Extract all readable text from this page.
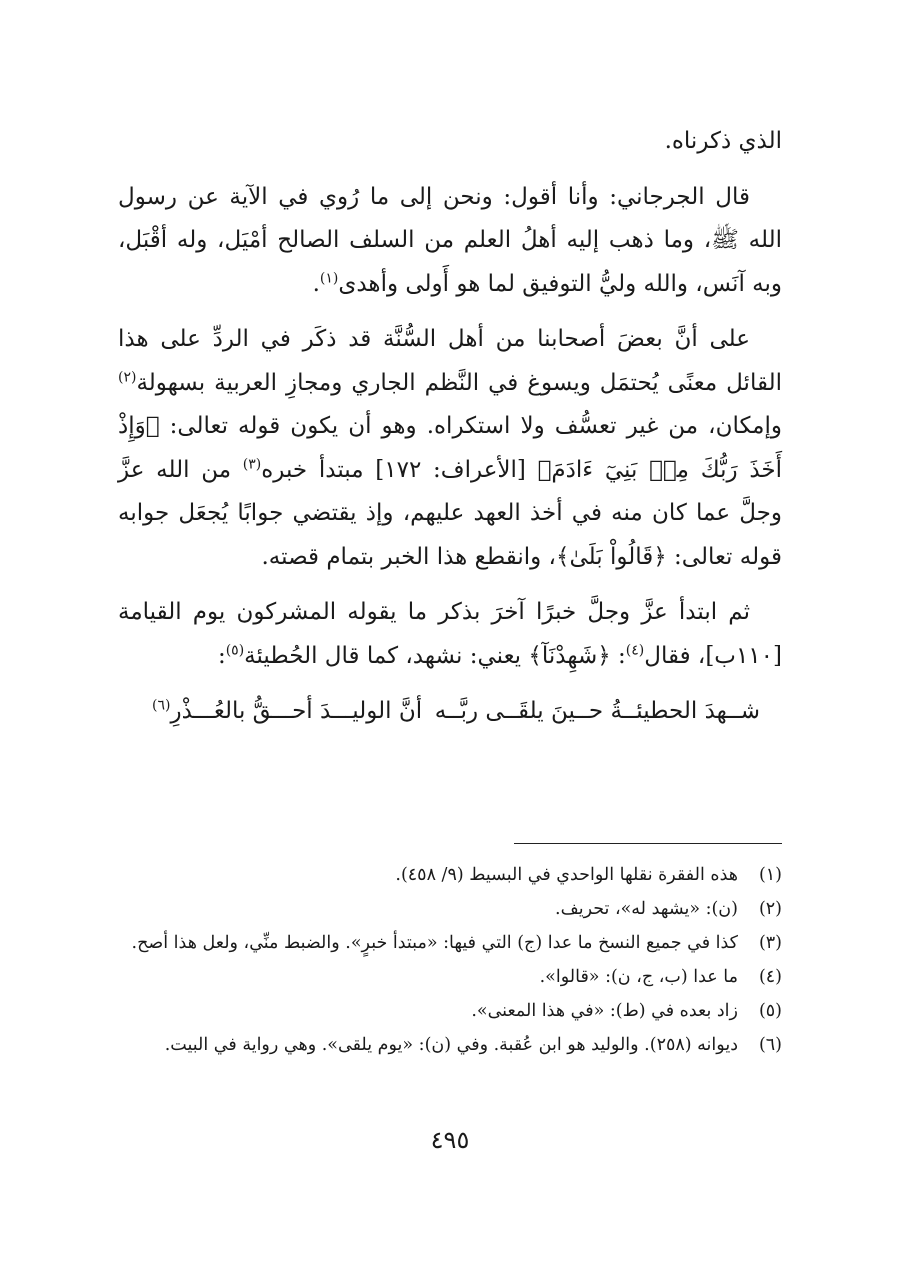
الذي ذكرناه.

قال الجرجاني: وأنا أقول: ونحن إلى ما رُوي في الآية عن رسول الله ﷺ، وما ذهب إليه أهلُ العلم من السلف الصالح أمْيَل، وله أقْبَل، وبه آنَس، والله وليُّ التوفيق لما هو أَولى وأهدى$^{(١)}$.

على أنَّ بعضَ أصحابنا من أهل السُّنَّة قد ذكَر في الردِّ على هذا القائل معنًى يُحتمَل ويسوغ في النَّظم الجاري ومجازِ العربية بسهولة$^{(٢)}$ وإمكان، من غير تعسُّف ولا استكراه. وهو أن يكون قوله تعالى: ﴿وَإِذْ أَخَذَ رَبُّكَ مِنۢ بَنِيٓ ءَادَمَ﴾ [الأعراف: ١٧٢] مبتدأ خبره$^{(٣)}$ من الله عزَّ وجلَّ عما كان منه في أخذ العهد عليهم، وإذ يقتضي جوابًا يُجعَل جوابه قوله تعالى: ﴿قَالُواْ بَلَىٰ﴾، وانقطع هذا الخبر بتمام قصته.

ثم ابتدأ عزَّ وجلَّ خبرًا آخرَ بذكر ما يقوله المشركون يوم القيامة [١١٠ب]، فقال$^{(٤)}$: ﴿شَهِدْنَآ﴾ يعني: نشهد، كما قال الحُطيئة$^{(٥)}$:

شــهدَ الحطيئــةُ حــينَ يلقَــى ربَّــه
أنَّ الوليـــدَ أحـــقُّ بالعُـــذْرِ$^{(٦)}$
(١)
هذه الفقرة نقلها الواحدي في البسيط (٩/ ٤٥٨).
(٢)
(ن): «يشهد له»، تحريف.
(٣)
كذا في جميع النسخ ما عدا (ج) التي فيها: «مبتدأ خبرٍ». والضبط منِّي، ولعل هذا أصح.
(٤)
ما عدا (ب، ج، ن): «قالوا».
(٥)
زاد بعده في (ط): «في هذا المعنى».
(٦)
ديوانه (٢٥٨). والوليد هو ابن عُقبة. وفي (ن): «يوم يلقى». وهي رواية في البيت.
٤٩٥
